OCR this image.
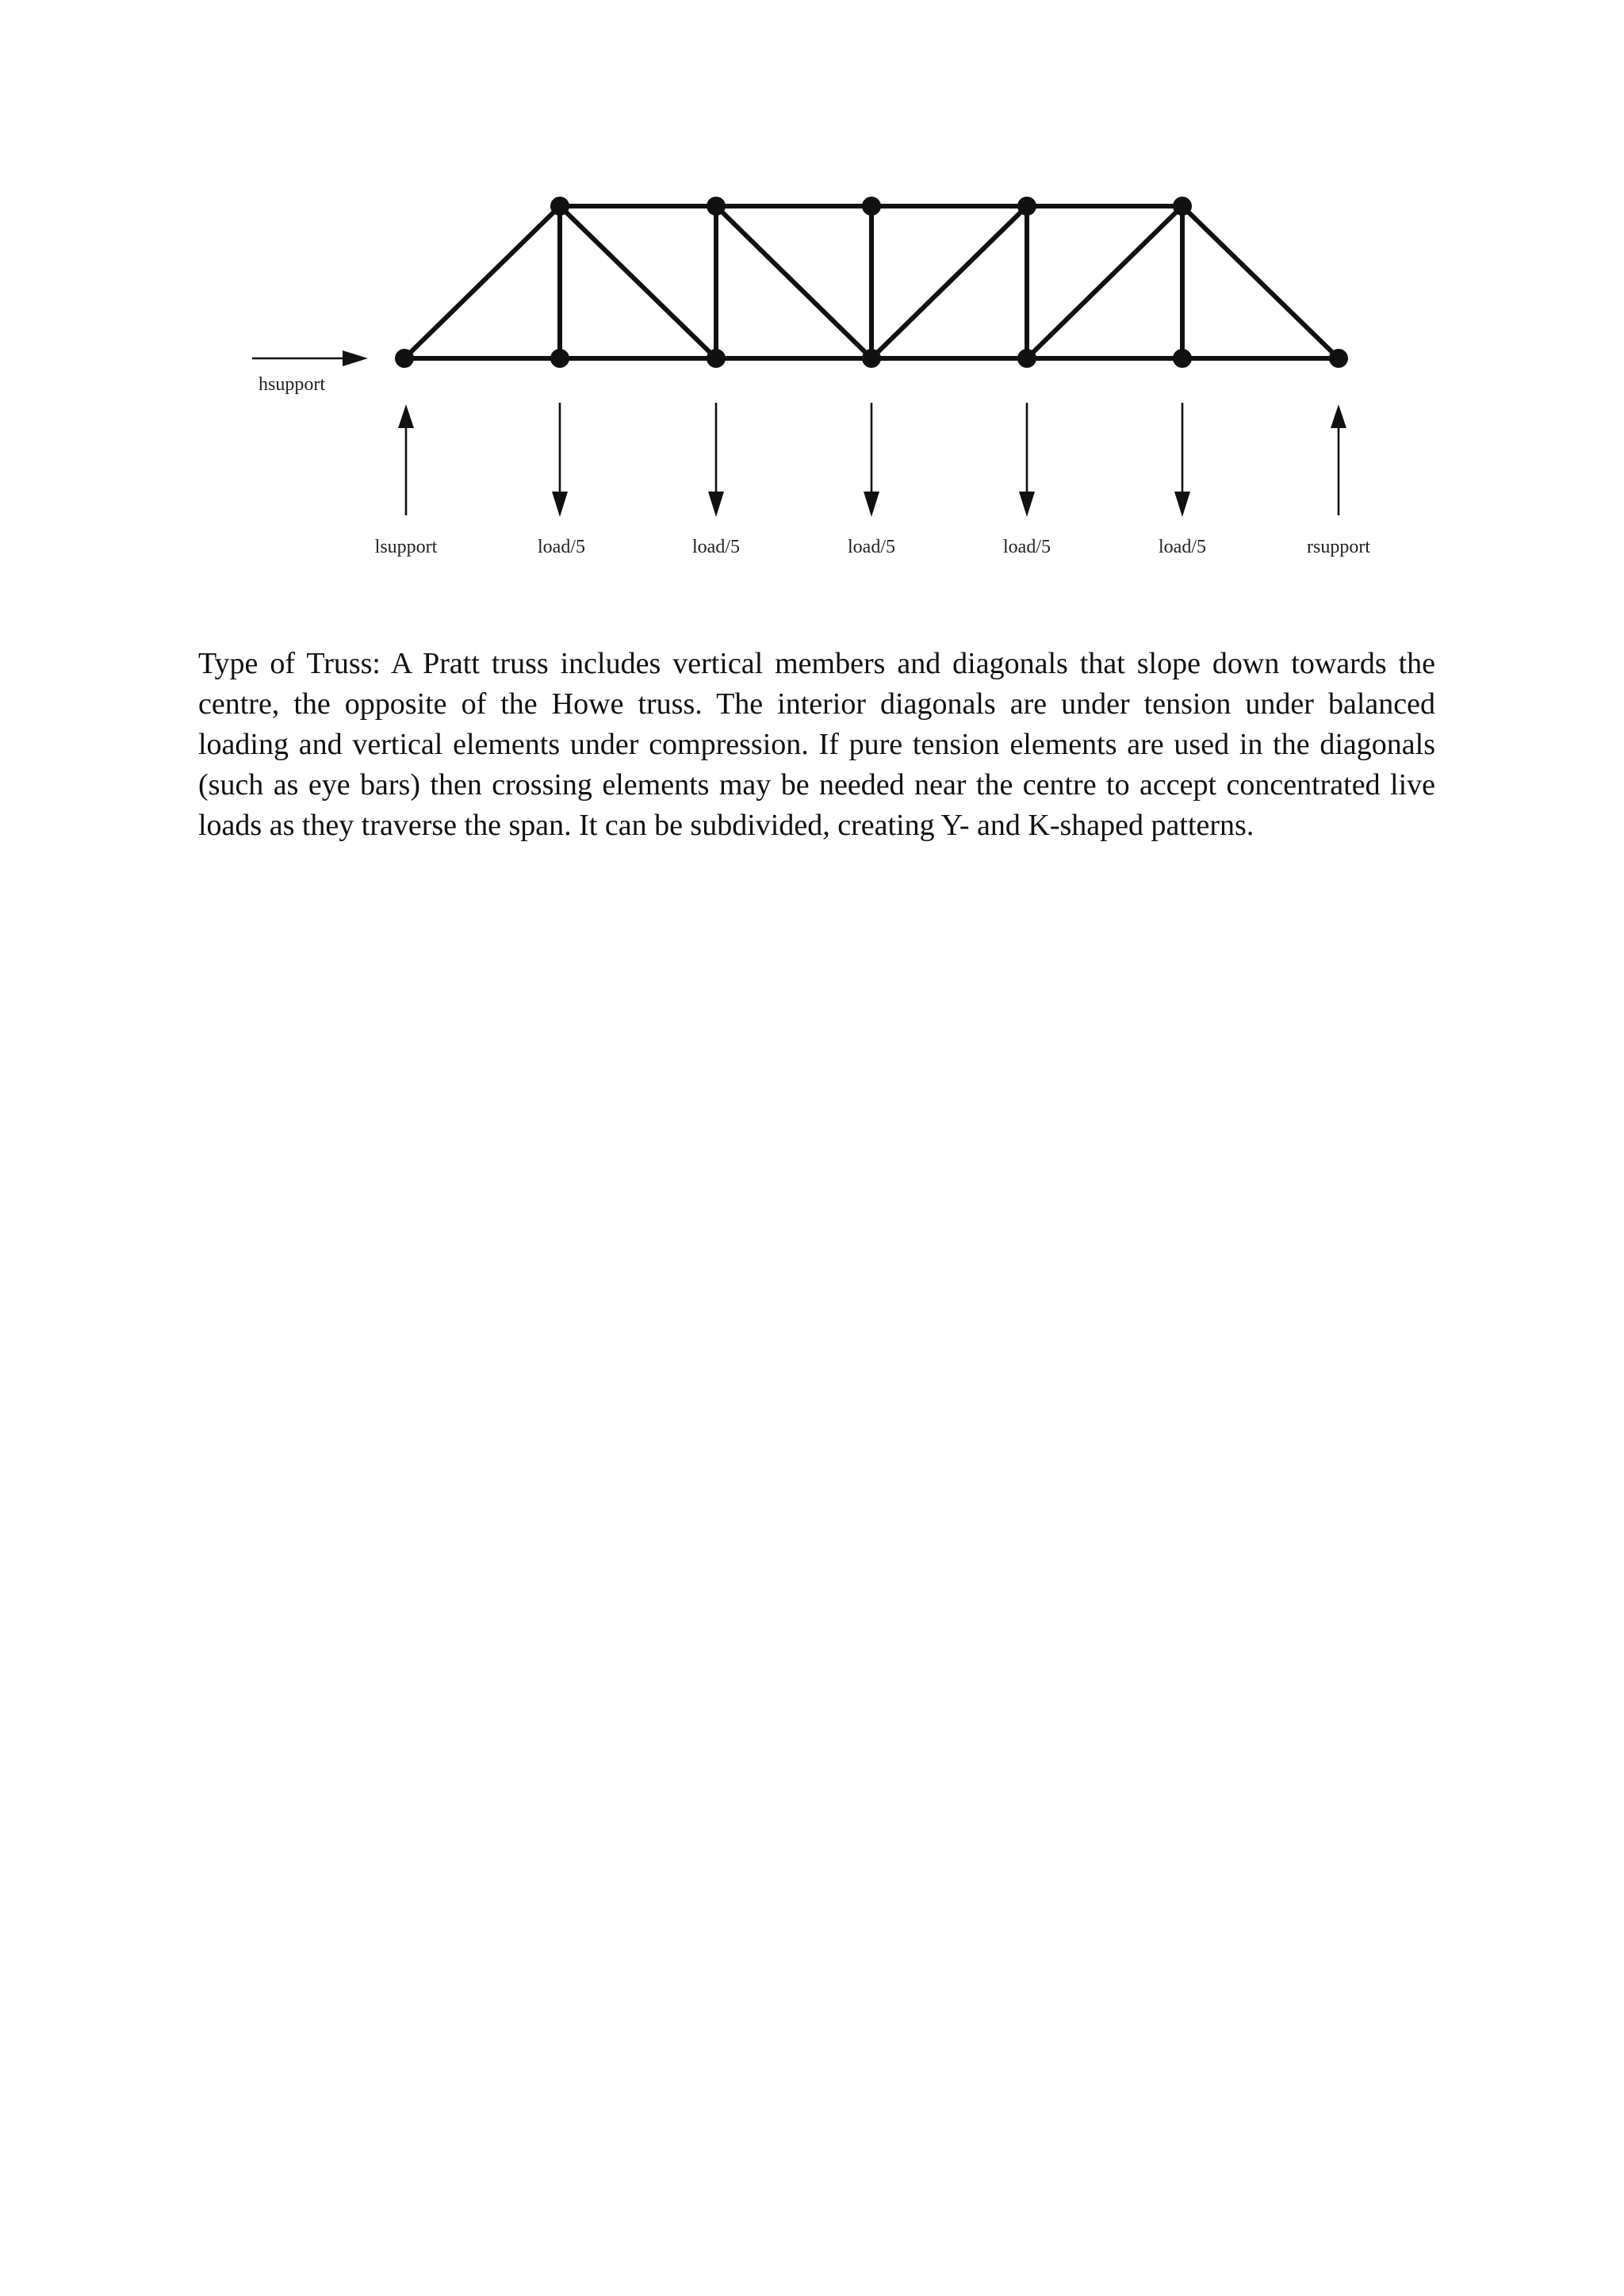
hsupport
lsupport	load/5	load/5	load/5	load/5	load/5	rsupport

Type of Truss: A Pratt truss includes vertical members and diagonals that slope down towards the centre, the opposite of the Howe truss. The interior diagonals are under tension under balanced loading and vertical elements under compression. If pure tension elements are used in the diagonals (such as eye bars) then crossing elements may be needed near the centre to accept concentrated live loads as they traverse the span. It can be subdivided, creating Y- and K-shaped patterns.
